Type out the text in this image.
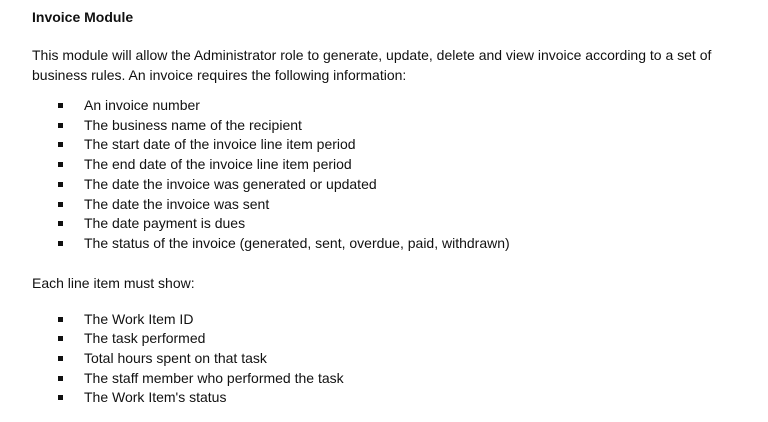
Invoice Module

This module will allow the Administrator role to generate, update, delete and view invoice according to a set of business rules. An invoice requires the following information:

An invoice number
The business name of the recipient
The start date of the invoice line item period
The end date of the invoice line item period
The date the invoice was generated or updated
The date the invoice was sent
The date payment is dues
The status of the invoice (generated, sent, overdue, paid, withdrawn)

Each line item must show:

The Work Item ID
The task performed
Total hours spent on that task
The staff member who performed the task
The Work Item's status
